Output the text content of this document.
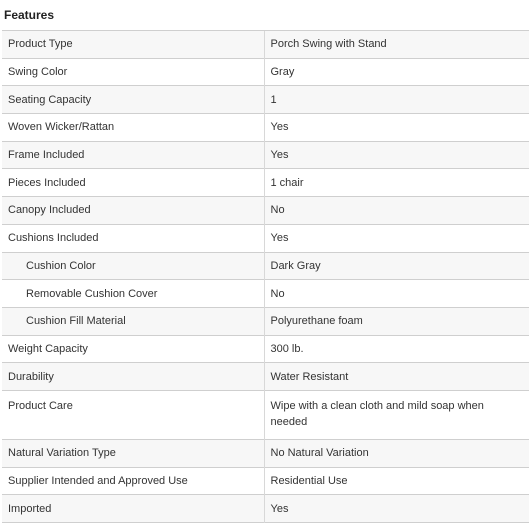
Features
Product Type	Porch Swing with Stand
Swing Color	Gray
Seating Capacity	1
Woven Wicker/Rattan	Yes
Frame Included	Yes
Pieces Included	1 chair
Canopy Included	No
Cushions Included	Yes
Cushion Color	Dark Gray
Removable Cushion Cover	No
Cushion Fill Material	Polyurethane foam
Weight Capacity	300 lb.
Durability	Water Resistant
Product Care	Wipe with a clean cloth and mild soap when needed
Natural Variation Type	No Natural Variation
Supplier Intended and Approved Use	Residential Use
Imported	Yes
